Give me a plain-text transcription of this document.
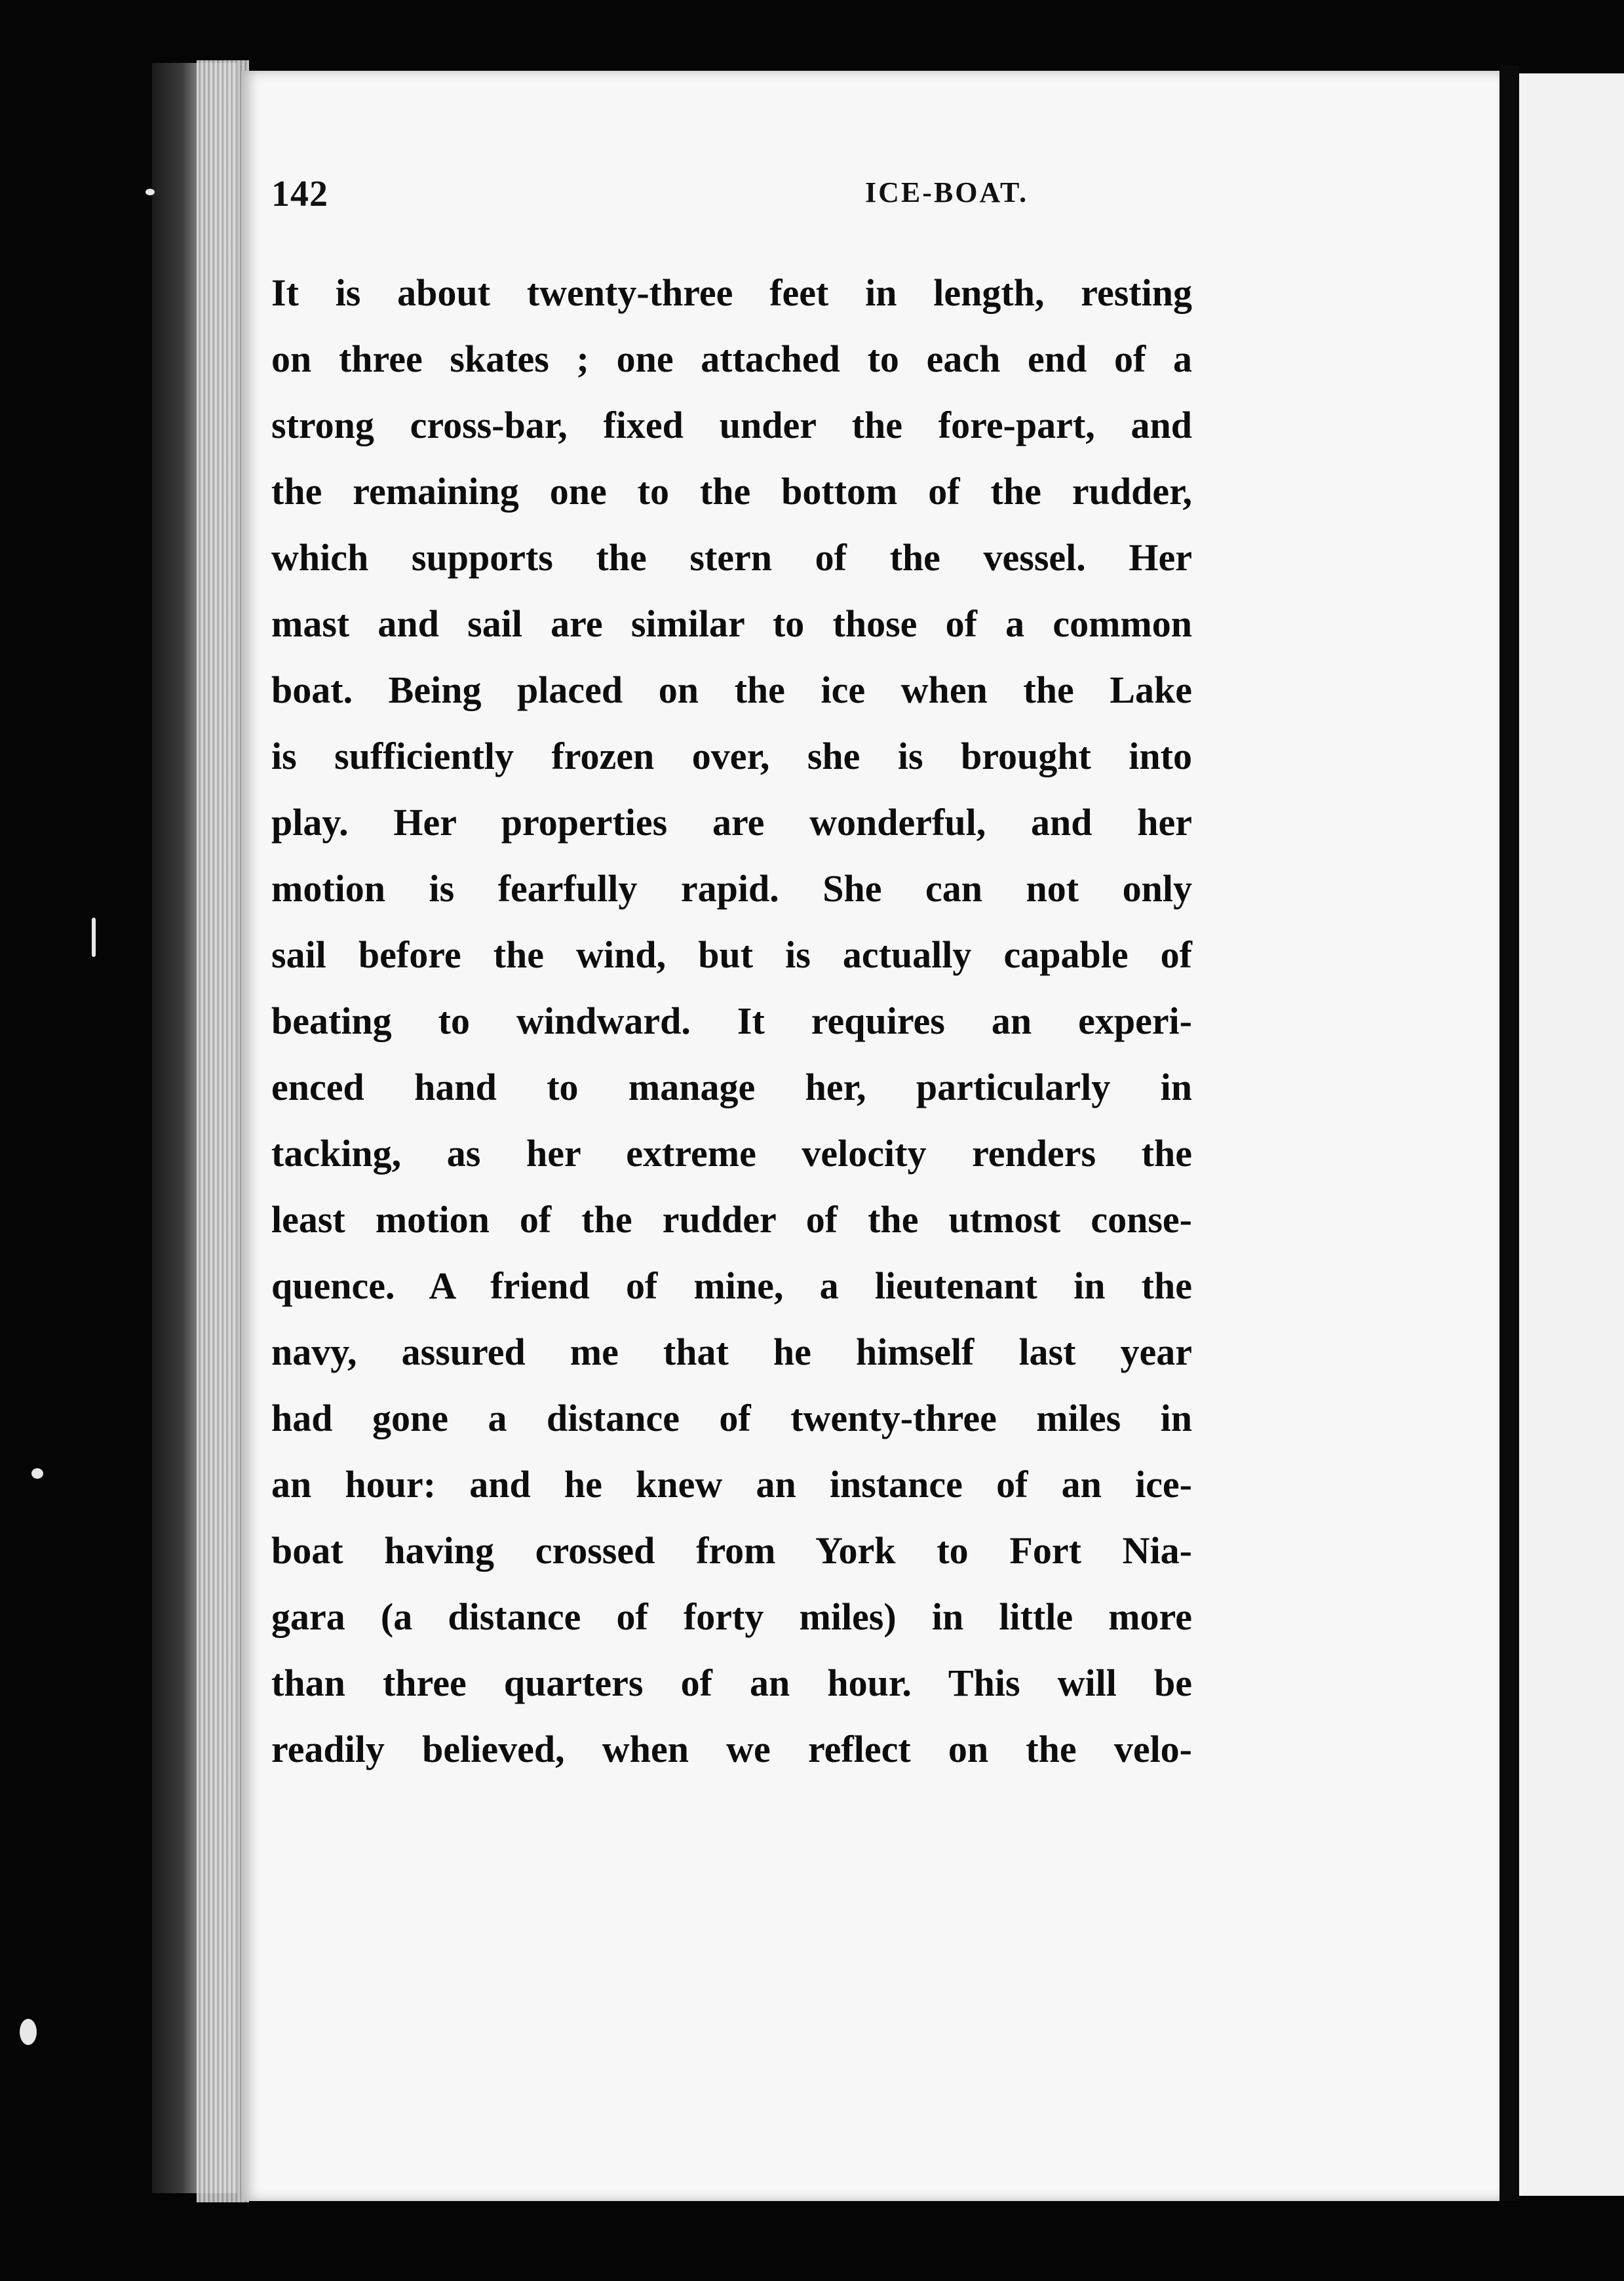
142	ICE-BOAT.
It is about twenty-three feet in length, resting
on three skates ; one attached to each end of a
strong cross-bar, fixed under the fore-part, and
the remaining one to the bottom of the rudder,
which supports the stern of the vessel. Her
mast and sail are similar to those of a common
boat. Being placed on the ice when the Lake
is sufficiently frozen over, she is brought into
play. Her properties are wonderful, and her
motion is fearfully rapid. She can not only
sail before the wind, but is actually capable of
beating to windward. It requires an experi-
enced hand to manage her, particularly in
tacking, as her extreme velocity renders the
least motion of the rudder of the utmost conse-
quence. A friend of mine, a lieutenant in the
navy, assured me that he himself last year
had gone a distance of twenty-three miles in
an hour: and he knew an instance of an ice-
boat having crossed from York to Fort Nia-
gara (a distance of forty miles) in little more
than three quarters of an hour. This will be
readily believed, when we reflect on the velo-
